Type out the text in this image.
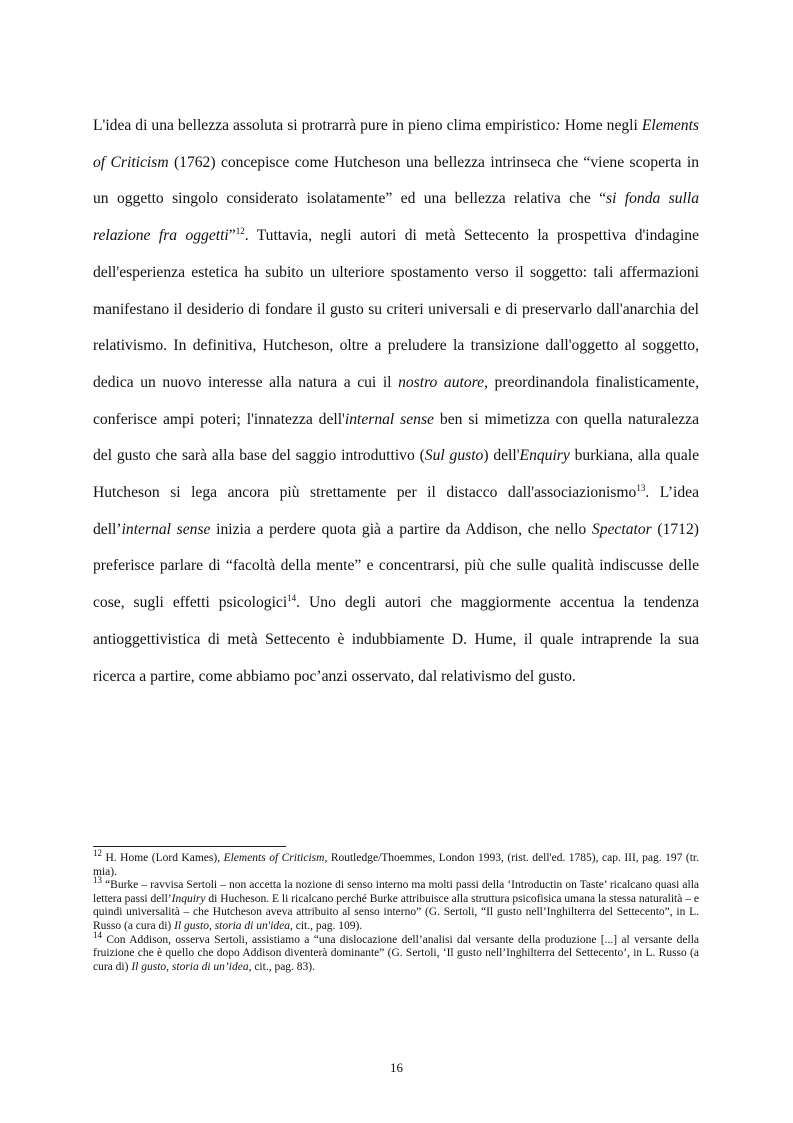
L'idea di una bellezza assoluta si protrarrà pure in pieno clima empiristico: Home negli Elements of Criticism (1762) concepisce come Hutcheson una bellezza intrinseca che “viene scoperta in un oggetto singolo considerato isolatamente” ed una bellezza relativa che “si fonda sulla relazione fra oggetti”$^{12}$. Tuttavia, negli autori di metà Settecento la prospettiva d'indagine dell'esperienza estetica ha subito un ulteriore spostamento verso il soggetto: tali affermazioni manifestano il desiderio di fondare il gusto su criteri universali e di preservarlo dall'anarchia del relativismo. In definitiva, Hutcheson, oltre a preludere la transizione dall'oggetto al soggetto, dedica un nuovo interesse alla natura a cui il nostro autore, preordinandola finalisticamente, conferisce ampi poteri; l'innatezza dell'internal sense ben si mimetizza con quella naturalezza del gusto che sarà alla base del saggio introduttivo (Sul gusto) dell'Enquiry burkiana, alla quale Hutcheson si lega ancora più strettamente per il distacco dall'associazionismo$^{13}$. L’idea dell’internal sense inizia a perdere quota già a partire da Addison, che nello Spectator (1712) preferisce parlare di “facoltà della mente” e concentrarsi, più che sulle qualità indiscusse delle cose, sugli effetti psicologici$^{14}$. Uno degli autori che maggiormente accentua la tendenza antioggettivistica di metà Settecento è indubbiamente D. Hume, il quale intraprende la sua ricerca a partire, come abbiamo poc’anzi osservato, dal relativismo del gusto.

$^{12}$ H. Home (Lord Kames), Elements of Criticism, Routledge/Thoemmes, London 1993, (rist. dell'ed. 1785), cap. III, pag. 197 (tr. mia).

$^{13}$ “Burke – ravvisa Sertoli – non accetta la nozione di senso interno ma molti passi della ‘Introductin on Taste’ ricalcano quasi alla lettera passi dell’Inquiry di Hucheson. E li ricalcano perché Burke attribuisce alla struttura psicofisica umana la stessa naturalità – e quindi universalità – che Hutcheson aveva attribuito al senso interno” (G. Sertoli, “Il gusto nell’Inghilterra del Settecento”, in L. Russo (a cura di) Il gusto, storia di un'idea, cit., pag. 109).

$^{14}$ Con Addison, osserva Sertoli, assistiamo a “una dislocazione dell’analisi dal versante della produzione [...] al versante della fruizione che è quello che dopo Addison diventerà dominante” (G. Sertoli, ‘Il gusto nell’Inghilterra del Settecento’, in L. Russo (a cura di) Il gusto, storia di un’idea, cit., pag. 83).

16
